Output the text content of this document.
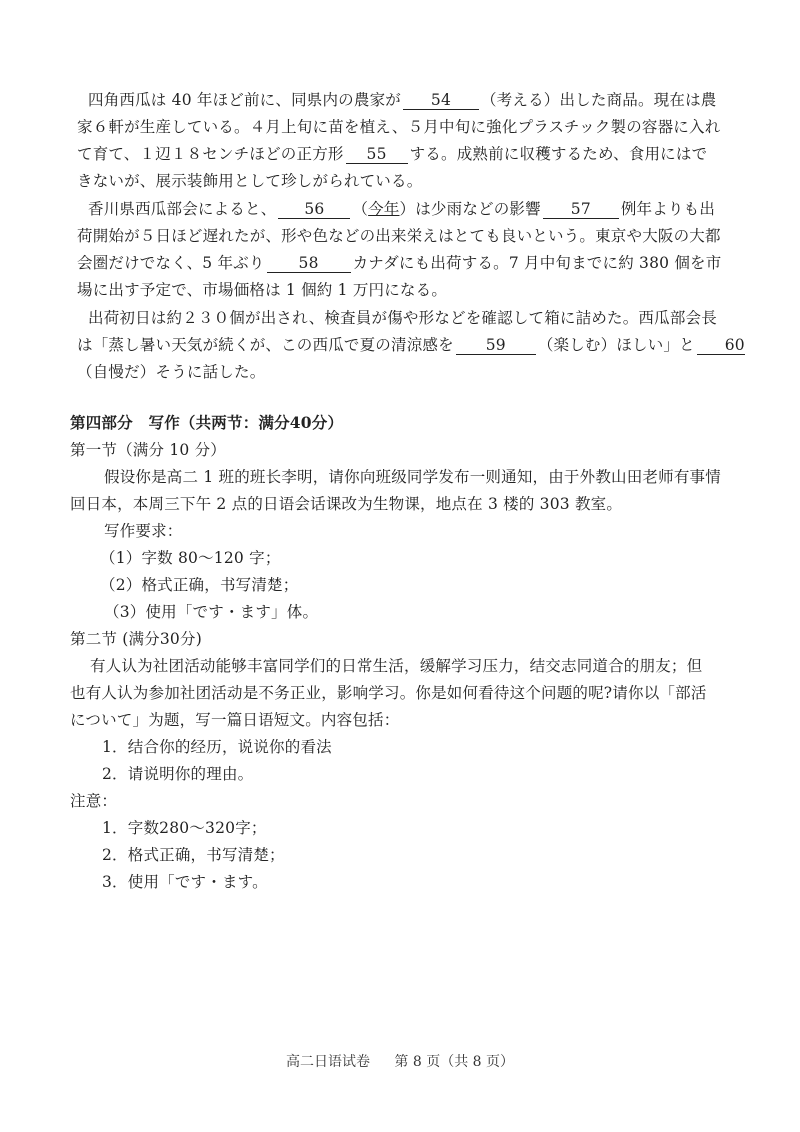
四角西瓜は 40 年ほど前に、同県内の農家が 54 （考える）出した商品。現在は農
家６軒が生産している。４月上旬に苗を植え、５月中旬に強化プラスチック製の容器に入れ
て育て、１辺１８センチほどの正方形 55 する。成熟前に収穫するため、食用にはで
きないが、展示装飾用として珍しがられている。
香川県西瓜部会によると、 56 （今年）は少雨などの影響 57 例年よりも出
荷開始が５日ほど遅れたが、形や色などの出来栄えはとても良いという。東京や大阪の大都
会圏だけでなく、5 年ぶり 58 カナダにも出荷する。7 月中旬までに約 380 個を市
場に出す予定で、市場価格は 1 個約 1 万円になる。
出荷初日は約２３０個が出され、検査員が傷や形などを確認して箱に詰めた。西瓜部会長
は「蒸し暑い天気が続くが、この西瓜で夏の清涼感を 59 （楽しむ）ほしい」と 60
（自慢だ）そうに話した。
第四部分　写作（共两节：满分40分）
第一节（满分 10 分）
假设你是高二 1 班的班长李明，请你向班级同学发布一则通知，由于外教山田老师有事情
回日本，本周三下午 2 点的日语会话课改为生物课，地点在 3 楼的 303 教室。
写作要求：
（1）字数 80～120 字；
（2）格式正确，书写清楚；
（3）使用「です・ます」体。
第二节 (满分30分)
有人认为社团活动能够丰富同学们的日常生活，缓解学习压力，结交志同道合的朋友；但
也有人认为参加社团活动是不务正业，影响学习。你是如何看待这个问题的呢?请你以「部活
について」为题，写一篇日语短文。内容包括：
1．结合你的经历，说说你的看法
2．请说明你的理由。
注意：
1．字数280～320字；
2．格式正确，书写清楚；
3．使用「です・ます。
高二日语试卷 第 8 页（共 8 页）
